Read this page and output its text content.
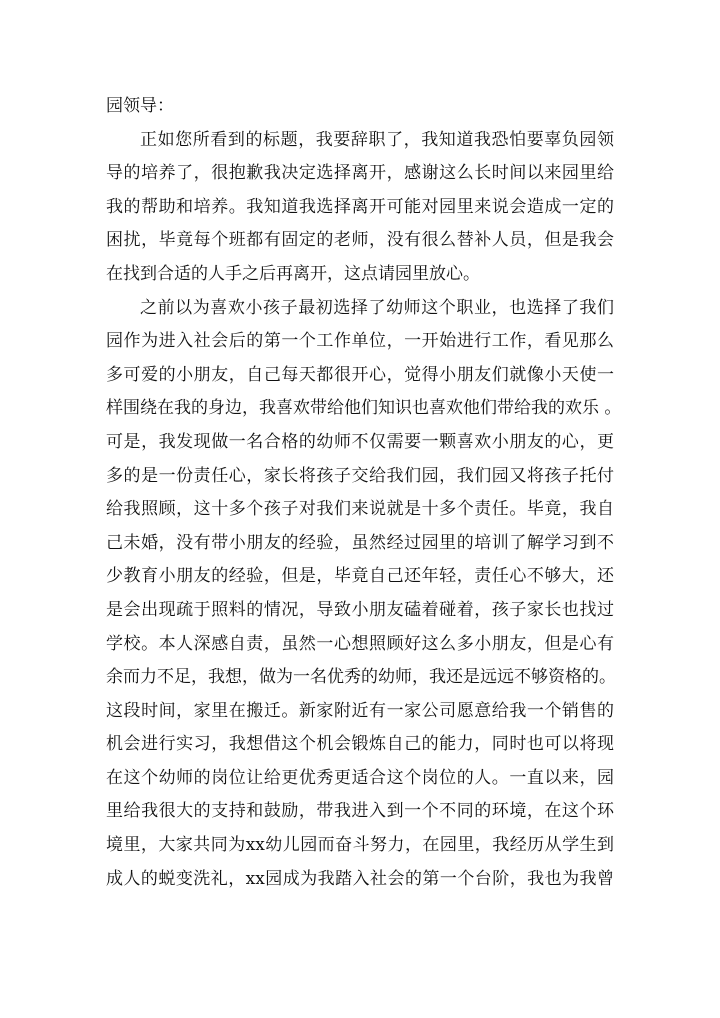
园领导：

正如您所看到的标题，我要辞职了，我知道我恐怕要辜负园领
导的培养了，很抱歉我决定选择离开，感谢这么长时间以来园里给
我的帮助和培养。我知道我选择离开可能对园里来说会造成一定的
困扰，毕竟每个班都有固定的老师，没有很么替补人员，但是我会
在找到合适的人手之后再离开，这点请园里放心。
之前以为喜欢小孩子最初选择了幼师这个职业，也选择了我们
园作为进入社会后的第一个工作单位，一开始进行工作，看见那么
多可爱的小朋友，自己每天都很开心，觉得小朋友们就像小天使一
样围绕在我的身边，我喜欢带给他们知识也喜欢他们带给我的欢乐 。
可是，我发现做一名合格的幼师不仅需要一颗喜欢小朋友的心，更
多的是一份责任心，家长将孩子交给我们园，我们园又将孩子托付
给我照顾，这十多个孩子对我们来说就是十多个责任。毕竟，我自
己未婚，没有带小朋友的经验，虽然经过园里的培训了解学习到不
少教育小朋友的经验，但是，毕竟自己还年轻，责任心不够大，还
是会出现疏于照料的情况，导致小朋友磕着碰着，孩子家长也找过
学校。本人深感自责，虽然一心想照顾好这么多小朋友，但是心有
余而力不足，我想，做为一名优秀的幼师，我还是远远不够资格的。
这段时间，家里在搬迁。新家附近有一家公司愿意给我一个销售的
机会进行实习，我想借这个机会锻炼自己的能力，同时也可以将现
在这个幼师的岗位让给更优秀更适合这个岗位的人。一直以来，园
里给我很大的支持和鼓励，带我进入到一个不同的环境，在这个环
境里，大家共同为xx幼儿园而奋斗努力，在园里，我经历从学生到
成人的蜕变洗礼，xx园成为我踏入社会的第一个台阶，我也为我曾
